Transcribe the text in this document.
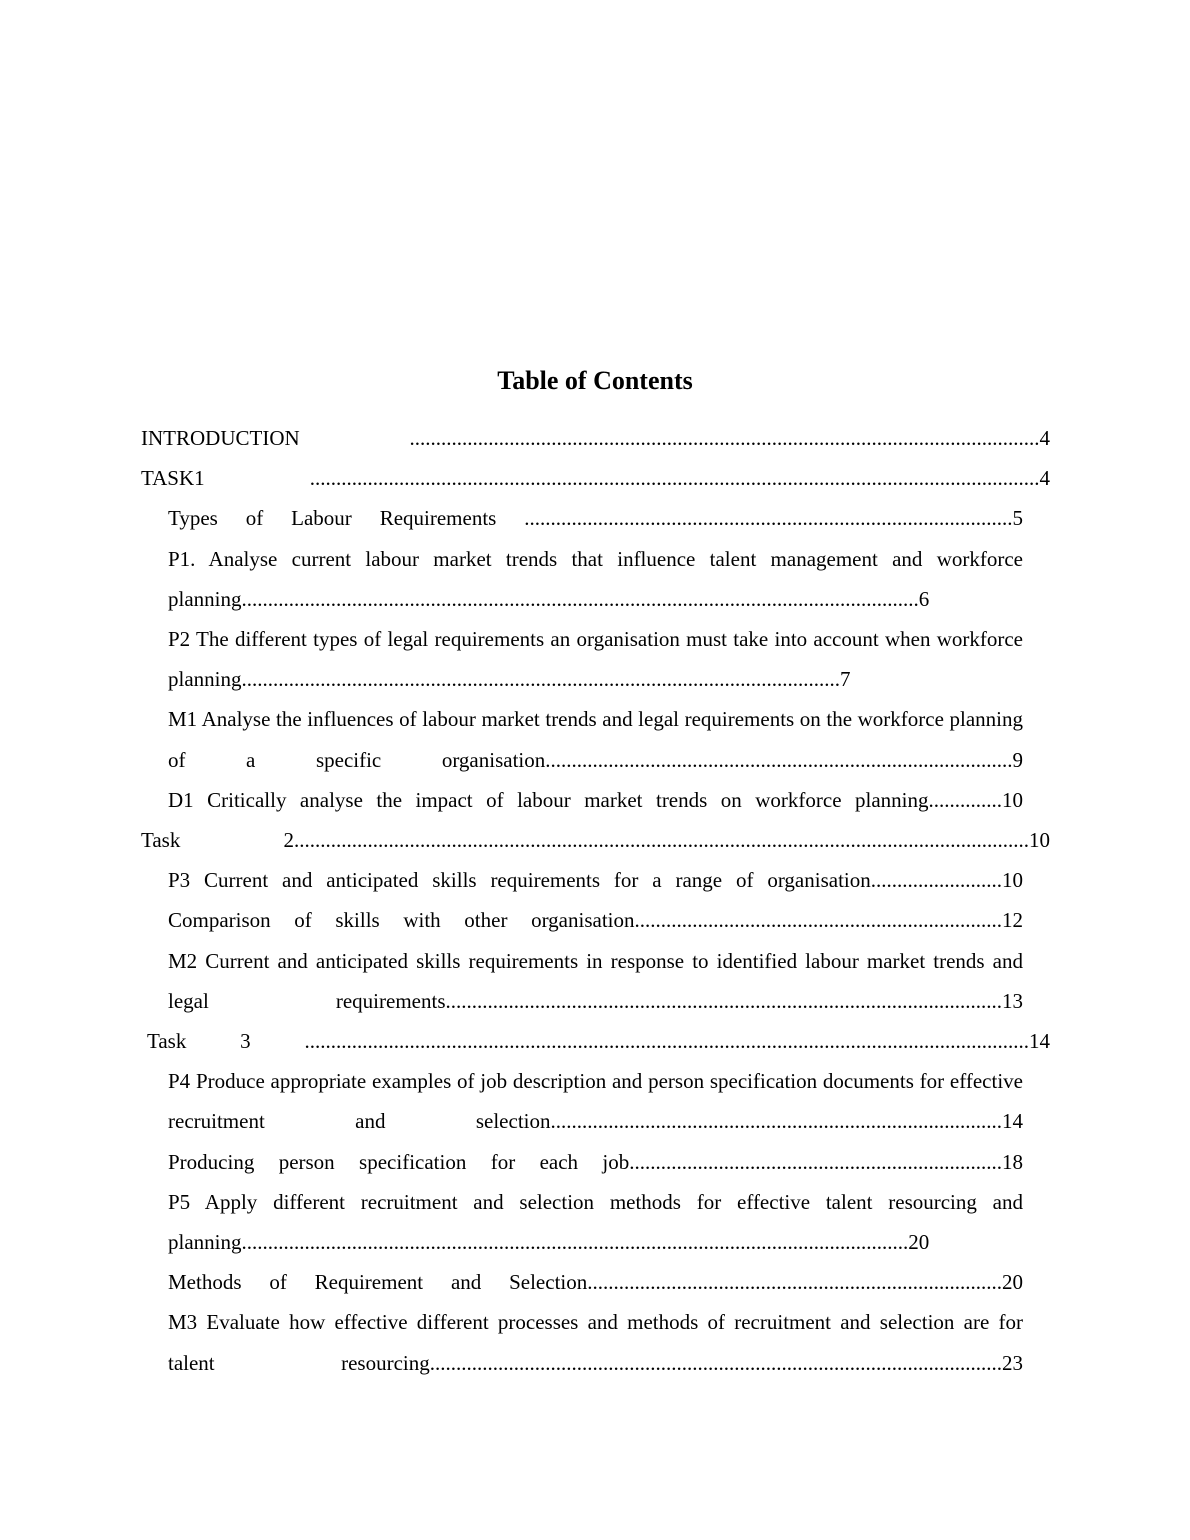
Table of Contents
INTRODUCTION ........................................................................................................................4
TASK1 ...........................................................................................................................................4
Types of Labour Requirements .............................................................................................5
P1. Analyse current labour market trends that influence talent management and workforce planning.................................................................................................................................6
P2 The different types of legal requirements an organisation must take into account when workforce planning..................................................................................................................7
M1 Analyse the influences of labour market trends and legal requirements on the workforce planning of a specific organisation.........................................................................................9
D1 Critically analyse the impact of labour market trends on workforce planning..............10
Task 2............................................................................................................................................10
P3 Current and anticipated skills requirements for a range of organisation.........................10
Comparison of skills with other organisation......................................................................12
M2 Current and anticipated skills requirements in response to identified labour market trends and legal requirements..........................................................................................................13
Task 3 ..........................................................................................................................................14
P4 Produce appropriate examples of job description and person specification documents for effective recruitment and selection......................................................................................14
Producing person specification for each job.......................................................................18
P5 Apply different recruitment and selection methods for effective talent resourcing and planning...............................................................................................................................20
Methods of Requirement and Selection...............................................................................20
M3 Evaluate how effective different processes and methods of recruitment and selection are for talent resourcing.............................................................................................................23
